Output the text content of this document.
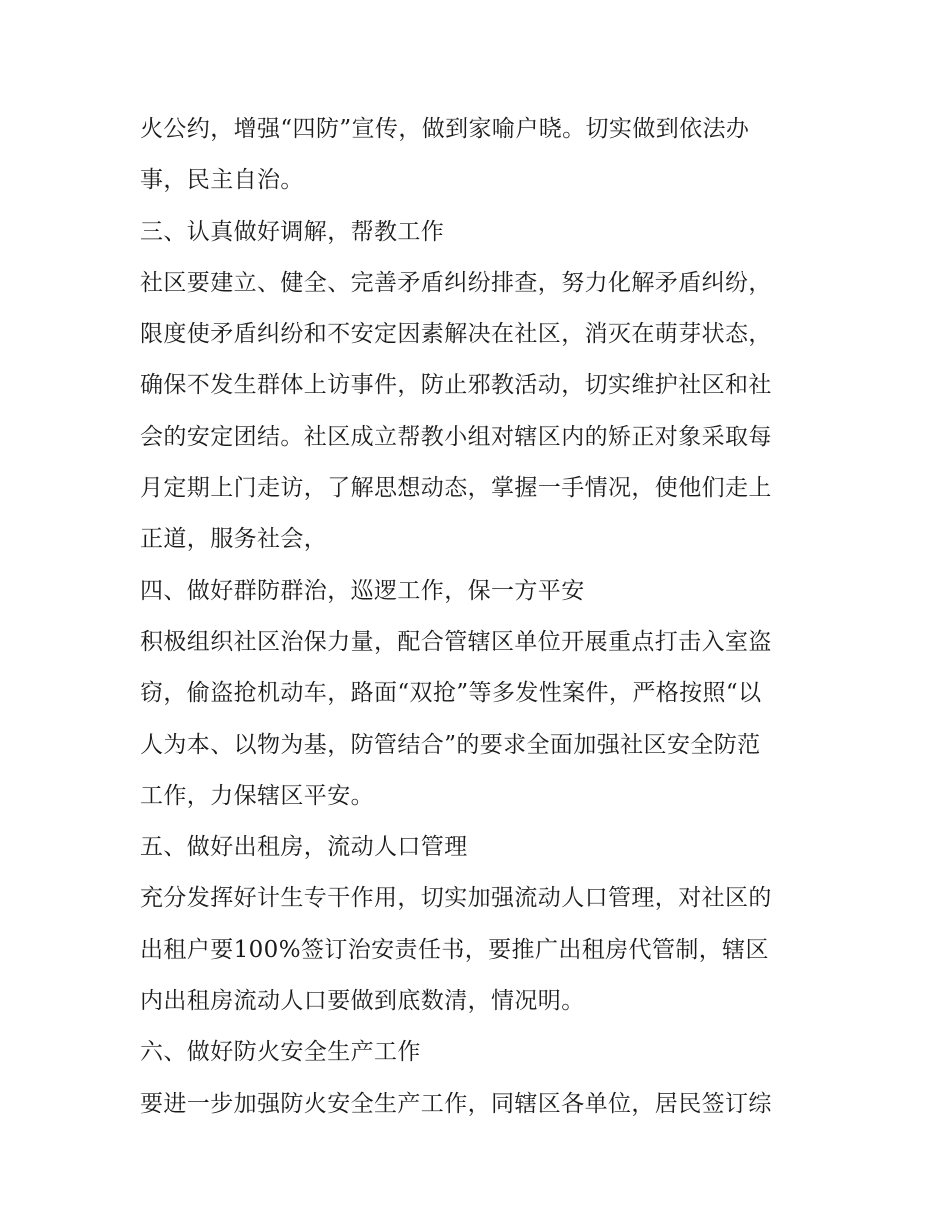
火公约，增强“四防”宣传，做到家喻户晓。切实做到依法办
事，民主自治。
三、认真做好调解，帮教工作
社区要建立、健全、完善矛盾纠纷排查，努力化解矛盾纠纷，
限度使矛盾纠纷和不安定因素解决在社区，消灭在萌芽状态，
确保不发生群体上访事件，防止邪教活动，切实维护社区和社
会的安定团结。社区成立帮教小组对辖区内的矫正对象采取每
月定期上门走访，了解思想动态，掌握一手情况，使他们走上
正道，服务社会，
四、做好群防群治，巡逻工作，保一方平安
积极组织社区治保力量，配合管辖区单位开展重点打击入室盗
窃，偷盗抢机动车，路面“双抢”等多发性案件，严格按照“以
人为本、以物为基，防管结合”的要求全面加强社区安全防范
工作，力保辖区平安。
五、做好出租房，流动人口管理
充分发挥好计生专干作用，切实加强流动人口管理，对社区的
出租户要100%签订治安责任书，要推广出租房代管制，辖区
内出租房流动人口要做到底数清，情况明。
六、做好防火安全生产工作
要进一步加强防火安全生产工作，同辖区各单位，居民签订综
